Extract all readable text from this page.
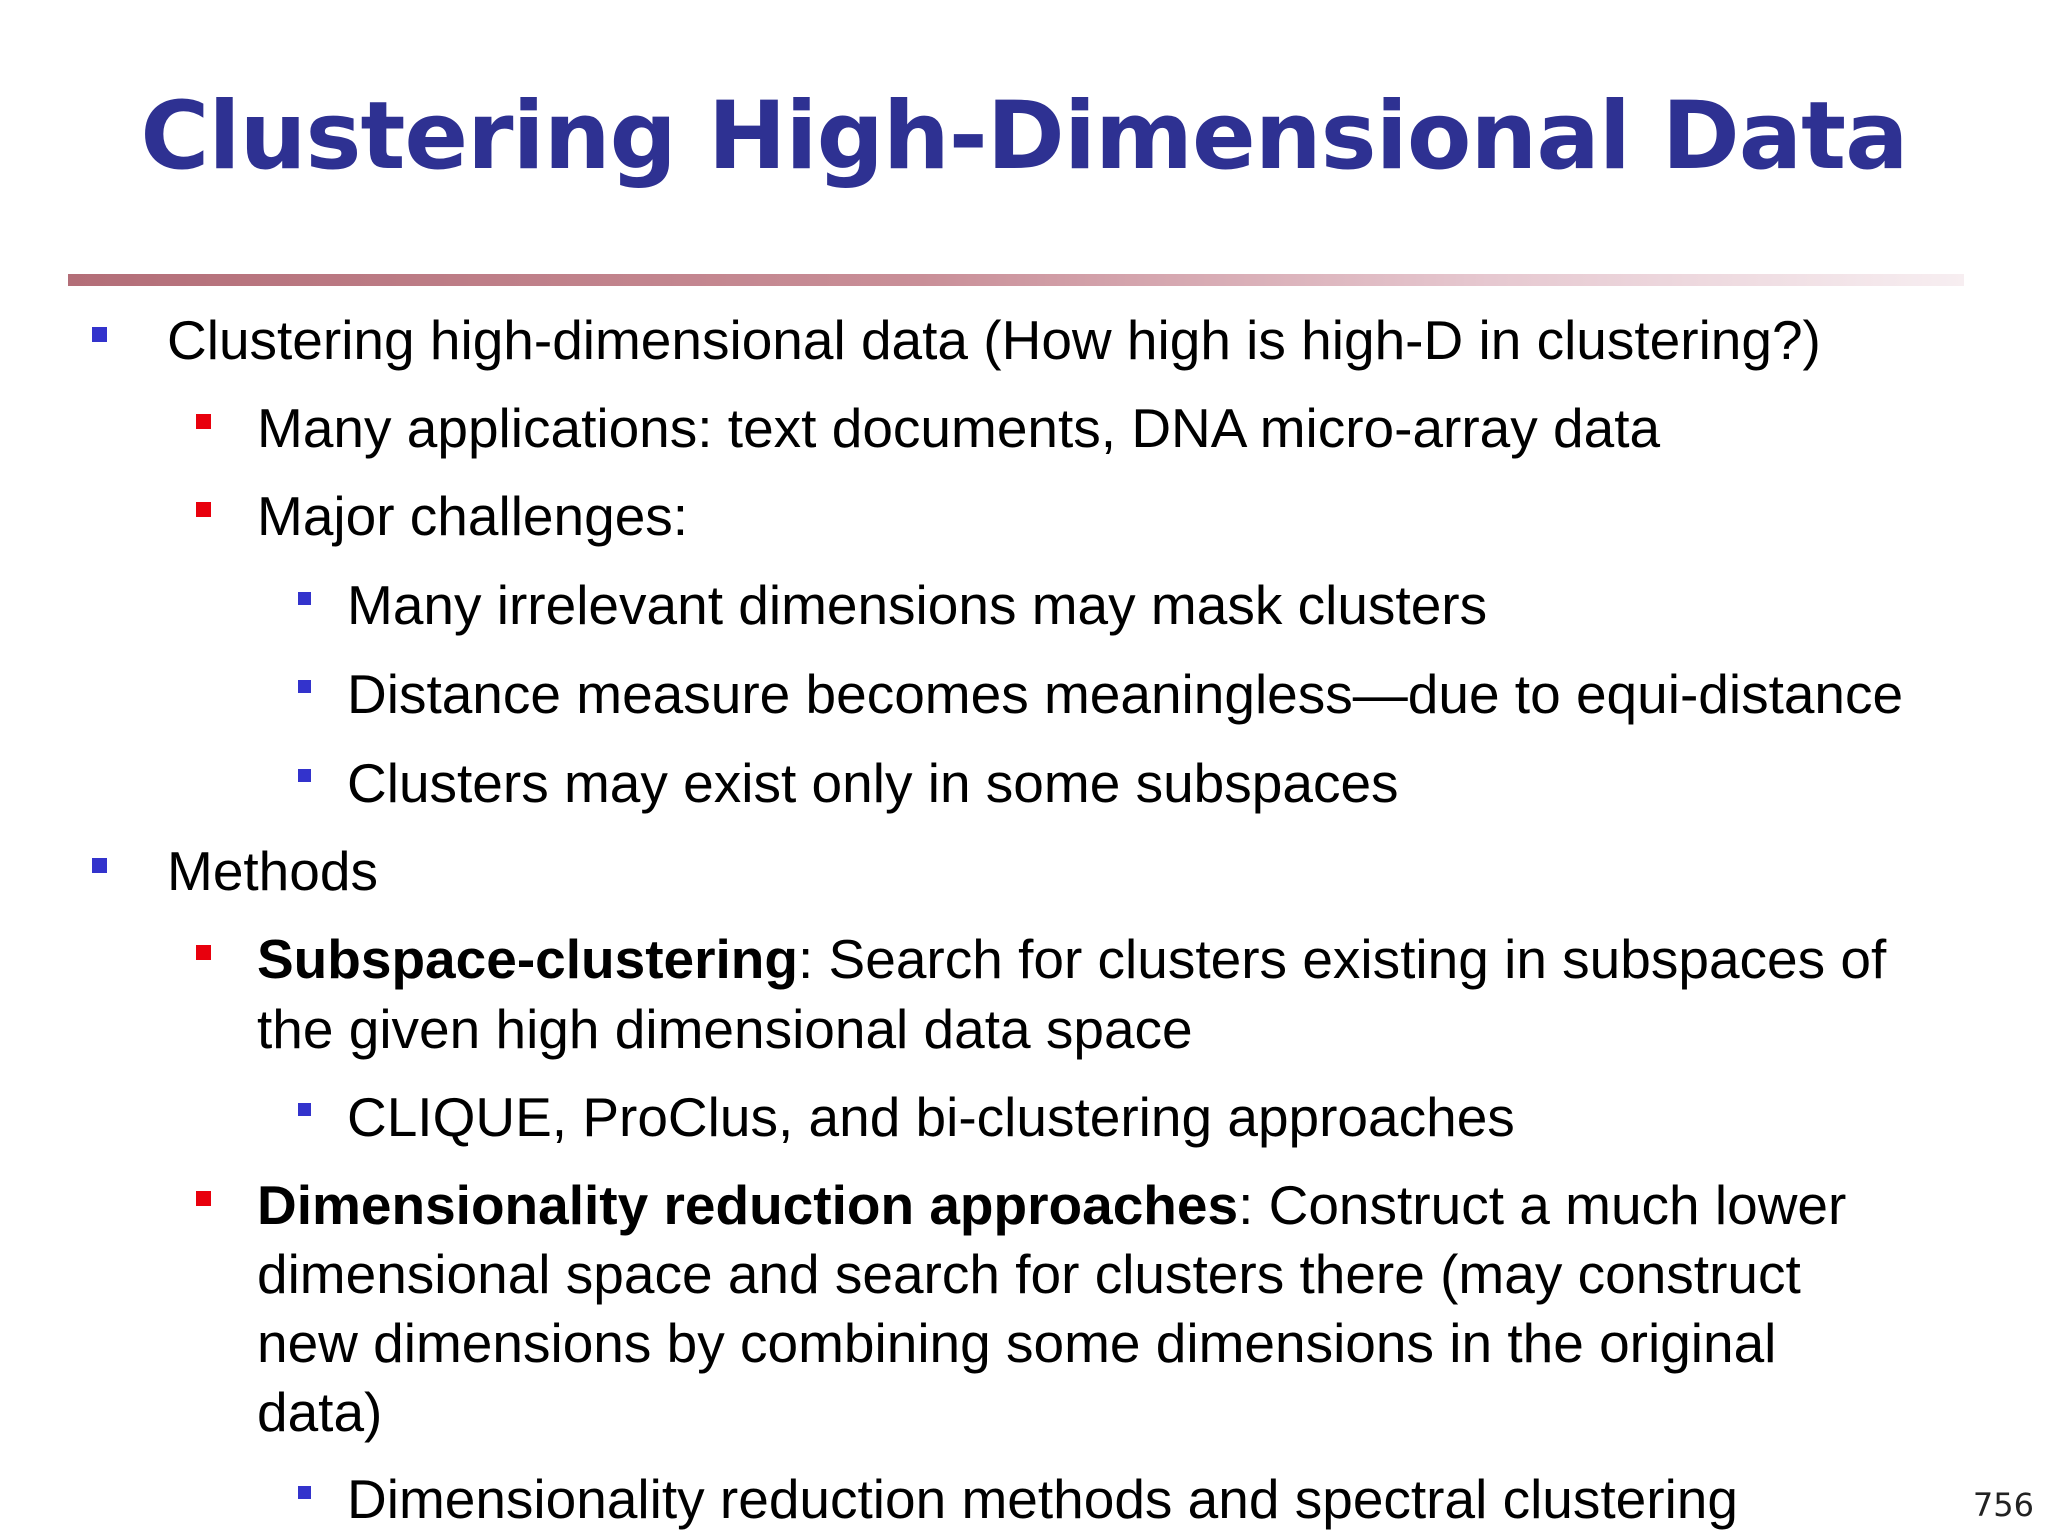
Clustering High-Dimensional Data
Clustering high-dimensional data (How high is high-D in clustering?)
Many applications: text documents, DNA micro-array data
Major challenges:
Many irrelevant dimensions may mask clusters
Distance measure becomes meaningless—due to equi-distance
Clusters may exist only in some subspaces
Methods
Subspace-clustering: Search for clusters existing in subspaces of
the given high dimensional data space
CLIQUE, ProClus, and bi-clustering approaches
Dimensionality reduction approaches: Construct a much lower
dimensional space and search for clusters there (may construct
new dimensions by combining some dimensions in the original
data)
Dimensionality reduction methods and spectral clustering	756
